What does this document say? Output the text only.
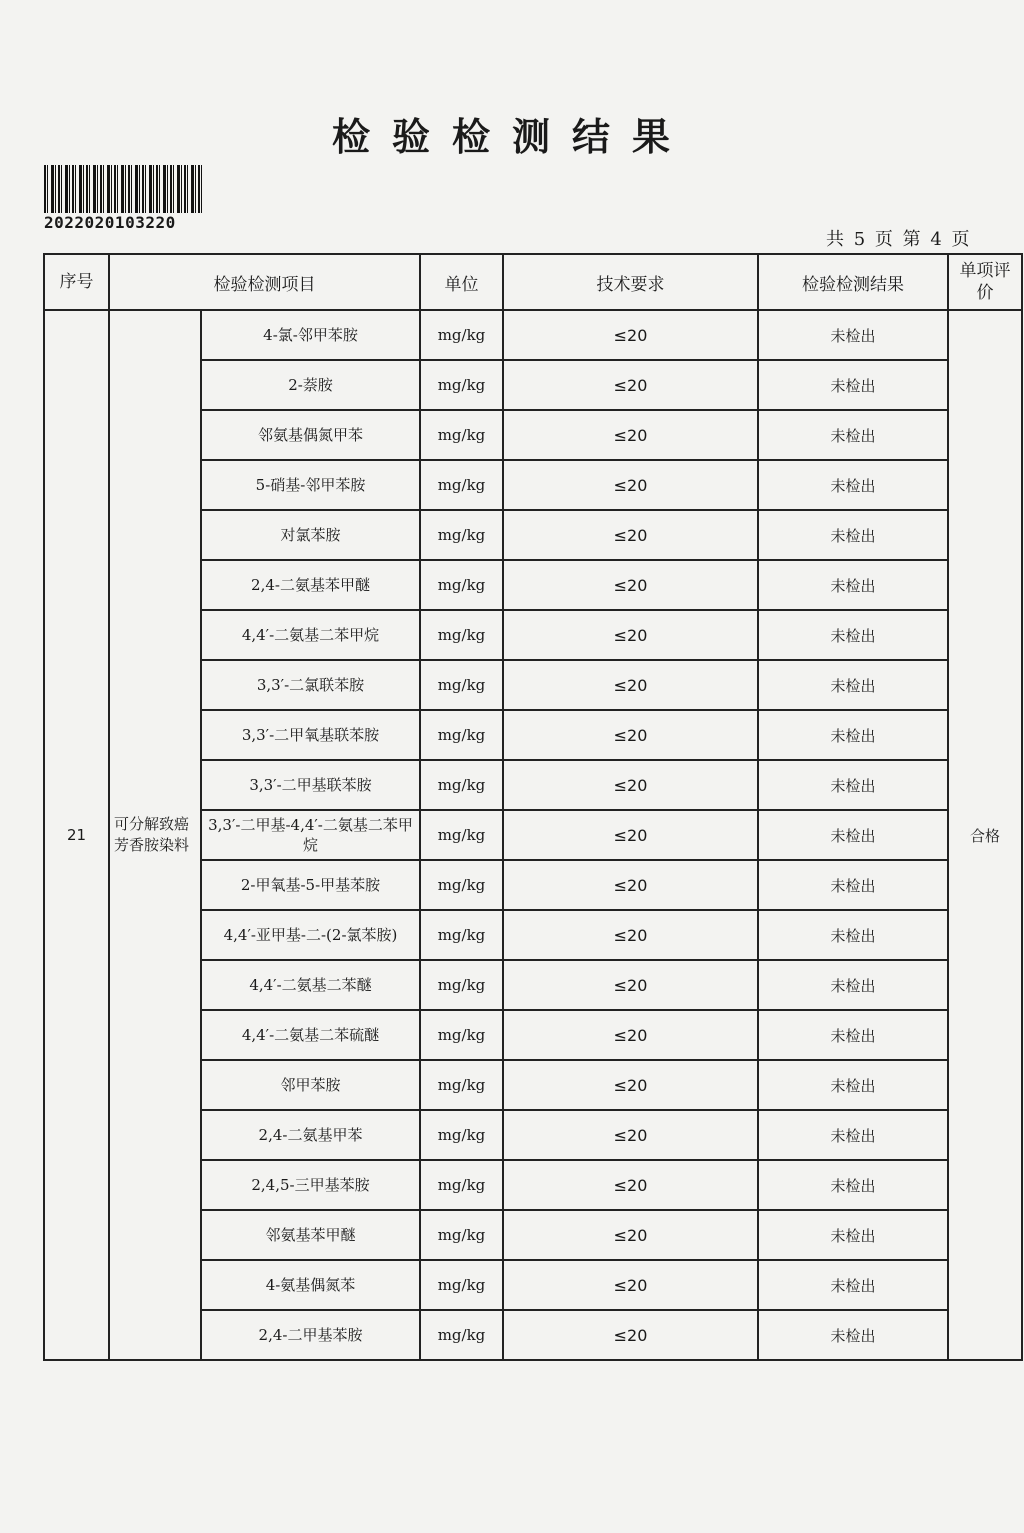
检验检测结果
2022020103220
共 5 页 第 4 页
序号	检验检测项目		单位	技术要求	检验检测结果	单项评价
21	可分解致癌芳香胺染料	4-氯-邻甲苯胺	mg/kg	≤20	未检出	合格
		2-萘胺	mg/kg	≤20	未检出	
		邻氨基偶氮甲苯	mg/kg	≤20	未检出	
		5-硝基-邻甲苯胺	mg/kg	≤20	未检出	
		对氯苯胺	mg/kg	≤20	未检出	
		2,4-二氨基苯甲醚	mg/kg	≤20	未检出	
		4,4′-二氨基二苯甲烷	mg/kg	≤20	未检出	
		3,3′-二氯联苯胺	mg/kg	≤20	未检出	
		3,3′-二甲氧基联苯胺	mg/kg	≤20	未检出	
		3,3′-二甲基联苯胺	mg/kg	≤20	未检出	
		3,3′-二甲基-4,4′-二氨基二苯甲烷	mg/kg	≤20	未检出	
		2-甲氧基-5-甲基苯胺	mg/kg	≤20	未检出	
		4,4′-亚甲基-二-(2-氯苯胺)	mg/kg	≤20	未检出	
		4,4′-二氨基二苯醚	mg/kg	≤20	未检出	
		4,4′-二氨基二苯硫醚	mg/kg	≤20	未检出	
		邻甲苯胺	mg/kg	≤20	未检出	
		2,4-二氨基甲苯	mg/kg	≤20	未检出	
		2,4,5-三甲基苯胺	mg/kg	≤20	未检出	
		邻氨基苯甲醚	mg/kg	≤20	未检出	
		4-氨基偶氮苯	mg/kg	≤20	未检出	
		2,4-二甲基苯胺	mg/kg	≤20	未检出	
